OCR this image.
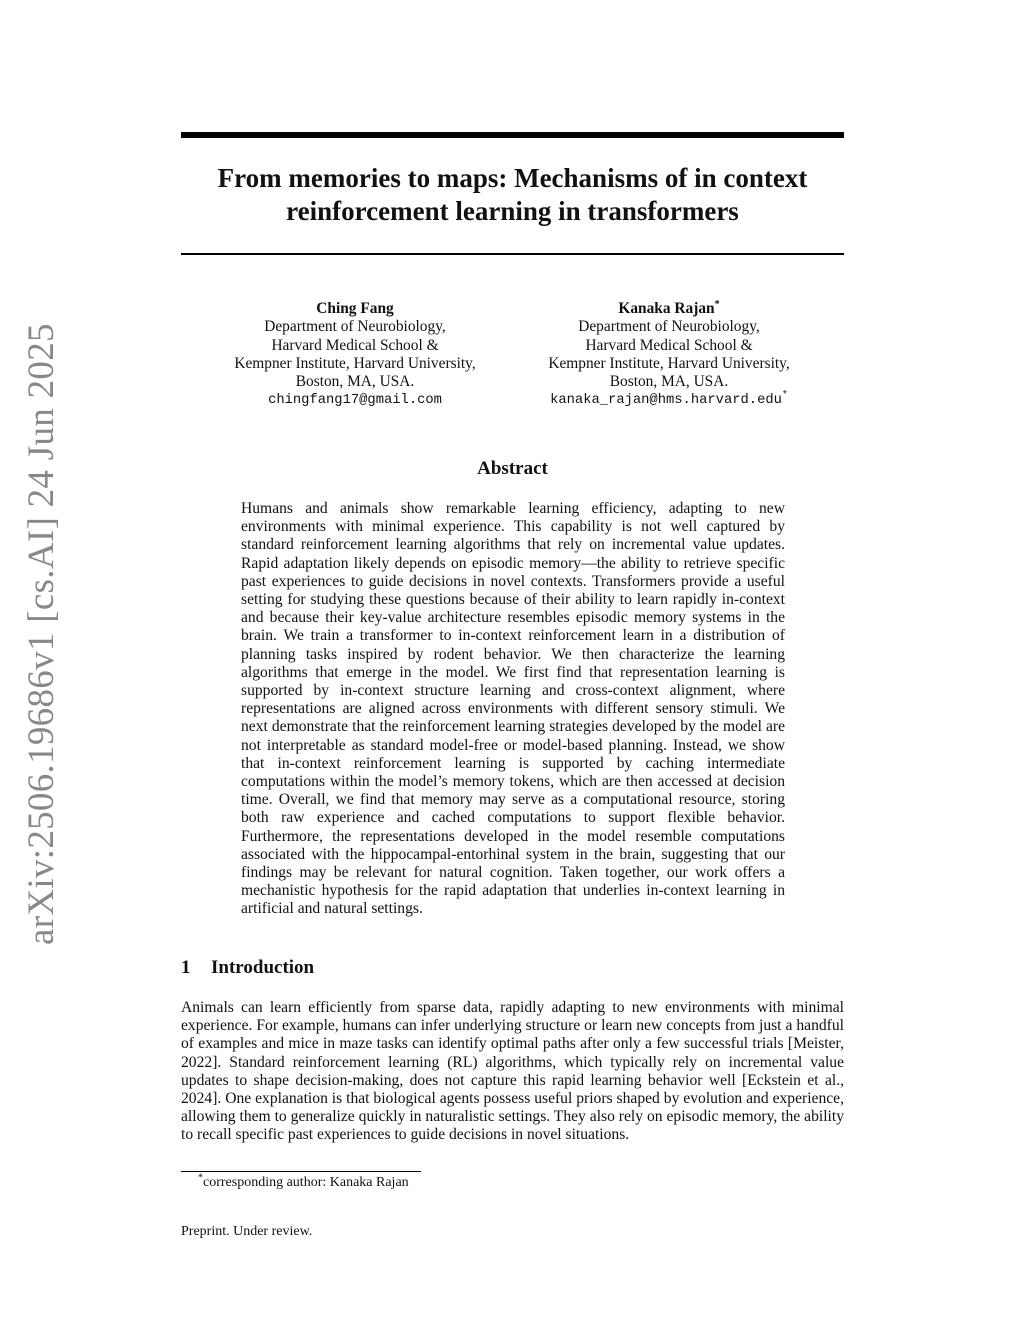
arXiv:2506.19686v1 [cs.AI] 24 Jun 2025
From memories to maps: Mechanisms of in context reinforcement learning in transformers
Ching Fang
Department of Neurobiology,
Harvard Medical School &
Kempner Institute, Harvard University,
Boston, MA, USA.
chingfang17@gmail.com
Kanaka Rajan*
Department of Neurobiology,
Harvard Medical School &
Kempner Institute, Harvard University,
Boston, MA, USA.
kanaka_rajan@hms.harvard.edu*
Abstract
Humans and animals show remarkable learning efficiency, adapting to new environments with minimal experience. This capability is not well captured by standard reinforcement learning algorithms that rely on incremental value updates. Rapid adaptation likely depends on episodic memory—the ability to retrieve specific past experiences to guide decisions in novel contexts. Transformers provide a useful setting for studying these questions because of their ability to learn rapidly in-context and because their key-value architecture resembles episodic memory systems in the brain. We train a transformer to in-context reinforcement learn in a distribution of planning tasks inspired by rodent behavior. We then characterize the learning algorithms that emerge in the model. We first find that representation learning is supported by in-context structure learning and cross-context alignment, where representations are aligned across environments with different sensory stimuli. We next demonstrate that the reinforcement learning strategies developed by the model are not interpretable as standard model-free or model-based planning. Instead, we show that in-context reinforcement learning is supported by caching intermediate computations within the model’s memory tokens, which are then accessed at decision time. Overall, we find that memory may serve as a computational resource, storing both raw experience and cached computations to support flexible behavior. Furthermore, the representations developed in the model resemble computations associated with the hippocampal-entorhinal system in the brain, suggesting that our findings may be relevant for natural cognition. Taken together, our work offers a mechanistic hypothesis for the rapid adaptation that underlies in-context learning in artificial and natural settings.
1 Introduction
Animals can learn efficiently from sparse data, rapidly adapting to new environments with minimal experience. For example, humans can infer underlying structure or learn new concepts from just a handful of examples and mice in maze tasks can identify optimal paths after only a few successful trials [Meister, 2022]. Standard reinforcement learning (RL) algorithms, which typically rely on incremental value updates to shape decision-making, does not capture this rapid learning behavior well [Eckstein et al., 2024]. One explanation is that biological agents possess useful priors shaped by evolution and experience, allowing them to generalize quickly in naturalistic settings. They also rely on episodic memory, the ability to recall specific past experiences to guide decisions in novel situations.
*corresponding author: Kanaka Rajan
Preprint. Under review.
